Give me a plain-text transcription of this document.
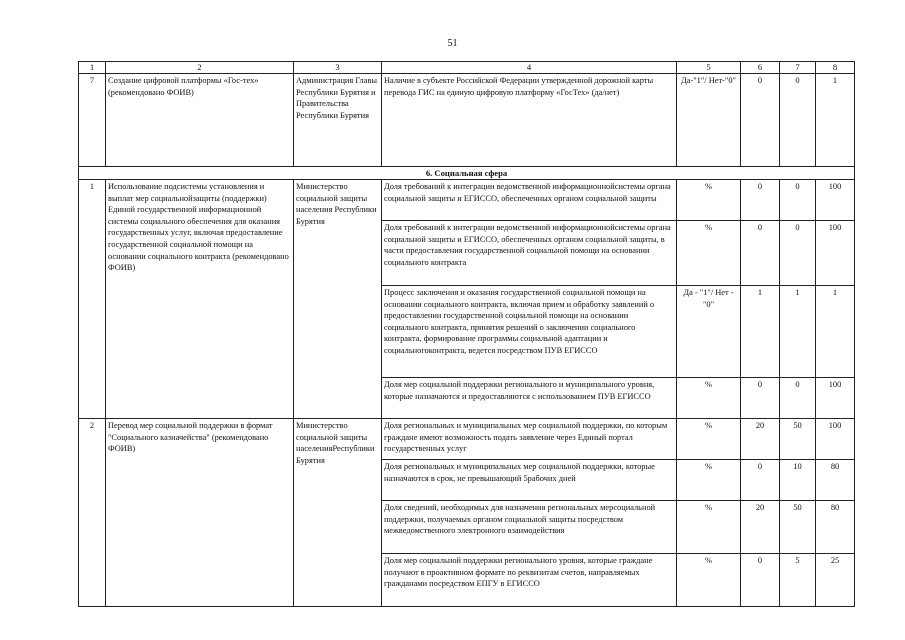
51
1	2	3	4	5	6	7	8
7	Создание цифровой платформы «Гос-тех» (рекомендовано ФОИВ)	Администрация Главы Республики Бурятия и Правительства Республики Бурятия	Наличие в субъекте Российской Федерации утвержденной дорожной карты перевода ГИС на единую цифровую платформу «ГосТех» (да/нет)	Да-"1"/ Нет-"0"	0	0	1
6. Социальная сфера							
1	Использование подсистемы установления и выплат мер социальнойзащиты (поддержки) Единой государственной информационной системы социального обеспечения для оказания государственных услуг, включая предоставление государственной социальной помощи на основании социального контракта (рекомендовано ФОИВ)	Министерство социальной защиты населения Республики Бурятия	Доля требований к интеграции ведомственной информационнойсистемы органа социальной защиты и ЕГИССО, обеспеченных органом социальной защиты	%	0	0	100
			Доля требований к интеграции ведомственной информационнойсистемы органа социальной защиты и ЕГИССО, обеспеченных органом социальной защиты, в части предоставления государственной социальной помощи на основании социального контракта	%	0	0	100
			Процесс заключения и оказания государственной социальной помощи на основании социального контракта, включая прием и обработку заявлений о предоставлении государственной социальной помощи на основании социального контракта, принятия решений о заключении социального контракта, формирование программы социальной адаптации и социальногоконтракта, ведется посредством ПУВ ЕГИССО	Да - "1"/ Нет -"0"	1	1	1
			Доля мер социальной поддержки регионального и муниципального уровня, которые назначаются и предоставляются с использованием ПУВ ЕГИССО	%	0	0	100
2	Перевод мер социальной поддержки в формат "Социального казначейства" (рекомендовано ФОИВ)	Министерство социальной защиты населенияРеспублики Бурятия	Доля региональных и муниципальных мер социальной поддержки, по которым граждане имеют возможность подать заявление через Единый портал государственных услуг	%	20	50	100
			Доля региональных и муниципальных мер социальной поддержки, которые назначаются в срок, не превышающий 5рабочих дней	%	0	10	80
			Доля сведений, необходимых для назначения региональных мерсоциальной поддержки, получаемых органом социальной защиты посредством межведомственного электронного взаимодействия	%	20	50	80
			Доля мер социальной поддержки регионального уровня, которые граждане получают в проактивном формате по реквизитам счетов, направляемых гражданами посредством ЕПГУ в ЕГИССО	%	0	5	25
